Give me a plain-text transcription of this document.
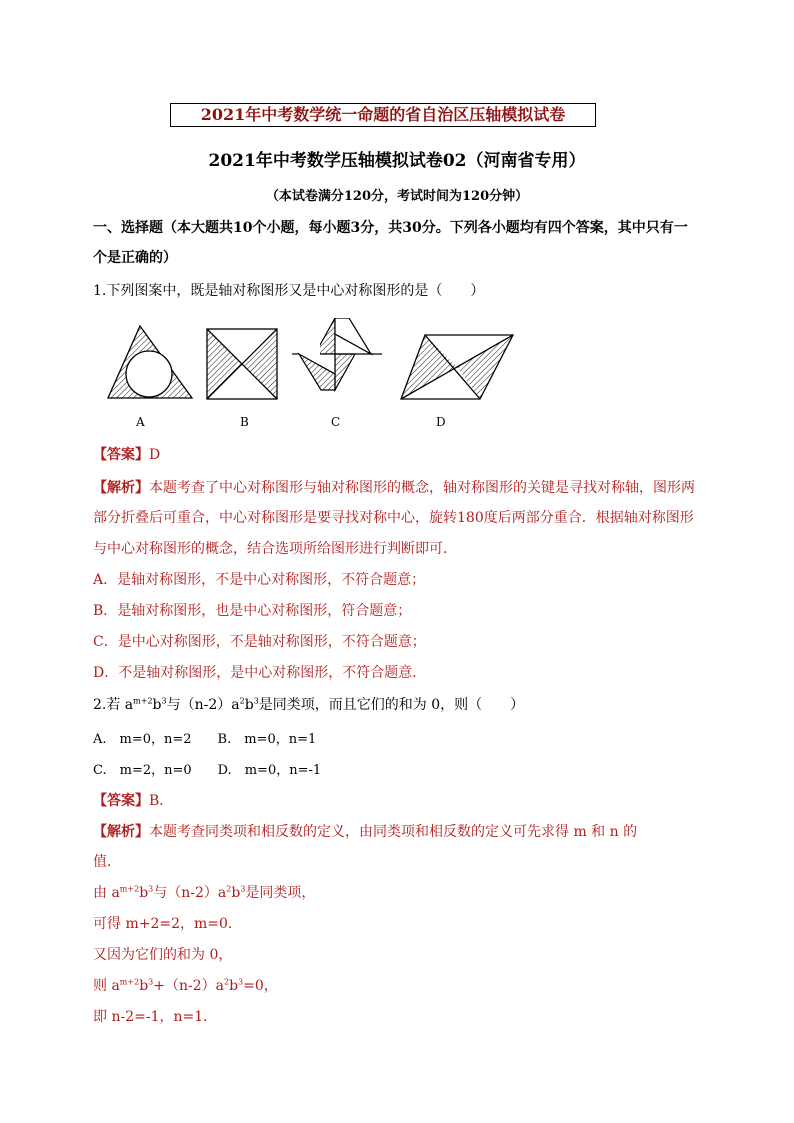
2021年中考数学统一命题的省自治区压轴模拟试卷
2021年中考数学压轴模拟试卷02（河南省专用）
（本试卷满分120分，考试时间为120分钟）
一、选择题（本大题共10个小题，每小题3分，共30分。下列各小题均有四个答案，其中只有一
个是正确的）
1.下列图案中，既是轴对称图形又是中心对称图形的是（　　）
A	B	C	D
【答案】D
【解析】本题考查了中心对称图形与轴对称图形的概念，轴对称图形的关键是寻找对称轴，图形两
部分折叠后可重合，中心对称图形是要寻找对称中心，旋转180度后两部分重合．根据轴对称图形
与中心对称图形的概念，结合选项所给图形进行判断即可．
A．是轴对称图形，不是中心对称图形，不符合题意；
B．是轴对称图形，也是中心对称图形，符合题意；
C．是中心对称图形，不是轴对称图形，不符合题意；
D．不是轴对称图形，是中心对称图形，不符合题意．
2.若 $a^{m+2}b^3$与$(n-2)a^2b^3$是同类项，而且它们的和为 0，则（　　）
A.　m=0，n=2　　B.　m=0，n=1
C.　m=2，n=0　　D.　m=0，n=-1
【答案】B．
【解析】本题考查同类项和相反数的定义，由同类项和相反数的定义可先求得 m 和 n 的
值．
由 $a^{m+2}b^3$与$(n-2)a^2b^3$是同类项，
可得 m+2=2，m=0．
又因为它们的和为 0，
则 $a^{m+2}b^3+(n-2)a^2b^3=0$，
即 n-2=-1，n=1．
